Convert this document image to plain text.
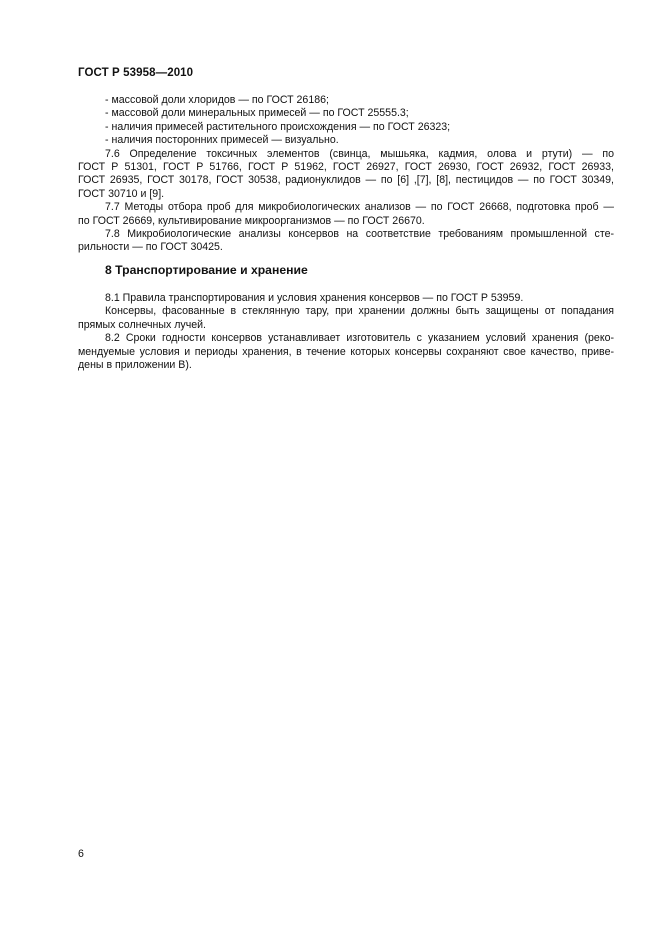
ГОСТ Р 53958—2010
- массовой доли хлоридов — по ГОСТ 26186;
- массовой доли минеральных примесей — по ГОСТ 25555.3;
- наличия примесей растительного происхождения — по ГОСТ 26323;
- наличия посторонних примесей — визуально.
7.6 Определение токсичных элементов (свинца, мышьяка, кадмия, олова и ртути) — по
ГОСТ Р 51301, ГОСТ Р 51766, ГОСТ Р 51962, ГОСТ 26927, ГОСТ 26930, ГОСТ 26932, ГОСТ 26933,
ГОСТ 26935, ГОСТ 30178, ГОСТ 30538, радионуклидов — по [6] ,[7], [8], пестицидов — по ГОСТ 30349,
ГОСТ 30710 и [9].
7.7 Методы отбора проб для микробиологических анализов — по ГОСТ 26668, подготовка проб —
по ГОСТ 26669, культивирование микроорганизмов — по ГОСТ 26670.
7.8 Микробиологические анализы консервов на соответствие требованиям промышленной сте-
рильности — по ГОСТ 30425.
8 Транспортирование и хранение
8.1 Правила транспортирования и условия хранения консервов — по ГОСТ Р 53959.
Консервы, фасованные в стеклянную тару, при хранении должны быть защищены от попадания
прямых солнечных лучей.
8.2 Сроки годности консервов устанавливает изготовитель с указанием условий хранения (реко-
мендуемые условия и периоды хранения, в течение которых консервы сохраняют свое качество, приве-
дены в приложении В).
6
